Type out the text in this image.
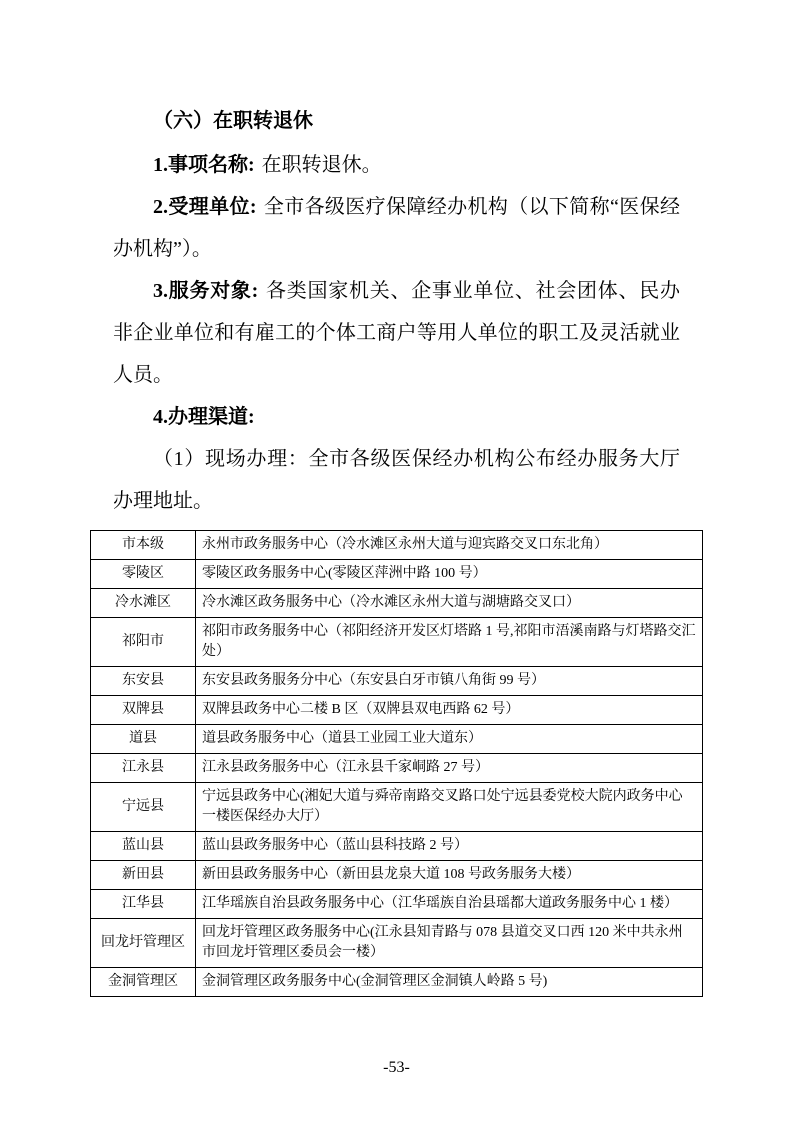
（六）在职转退休

1.事项名称: 在职转退休。

2.受理单位: 全市各级医疗保障经办机构（以下简称“医保经办机构”）。

3.服务对象: 各类国家机关、企事业单位、社会团体、民办非企业单位和有雇工的个体工商户等用人单位的职工及灵活就业人员。

4.办理渠道:

（1）现场办理：全市各级医保经办机构公布经办服务大厅办理地址。

市本级	永州市政务服务中心（冷水滩区永州大道与迎宾路交叉口东北角）
零陵区	零陵区政务服务中心(零陵区萍洲中路 100 号）
冷水滩区	冷水滩区政务服务中心（冷水滩区永州大道与湖塘路交叉口）
祁阳市	祁阳市政务服务中心（祁阳经济开发区灯塔路 1 号,祁阳市浯溪南路与灯塔路交汇处）
东安县	东安县政务服务分中心（东安县白牙市镇八角街 99 号）
双牌县	双牌县政务中心二楼 B 区（双牌县双电西路 62 号）
道县	道县政务服务中心（道县工业园工业大道东）
江永县	江永县政务服务中心（江永县千家峒路 27 号）
宁远县	宁远县政务中心(湘妃大道与舜帝南路交叉路口处宁远县委党校大院内政务中心一楼医保经办大厅）
蓝山县	蓝山县政务服务中心（蓝山县科技路 2 号）
新田县	新田县政务服务中心（新田县龙泉大道 108 号政务服务大楼）
江华县	江华瑶族自治县政务服务中心（江华瑶族自治县瑶都大道政务服务中心 1 楼）
回龙圩管理区	回龙圩管理区政务服务中心(江永县知青路与 078 县道交叉口西 120 米中共永州市回龙圩管理区委员会一楼）
金洞管理区	金洞管理区政务服务中心(金洞管理区金洞镇人岭路 5 号)
-53-
